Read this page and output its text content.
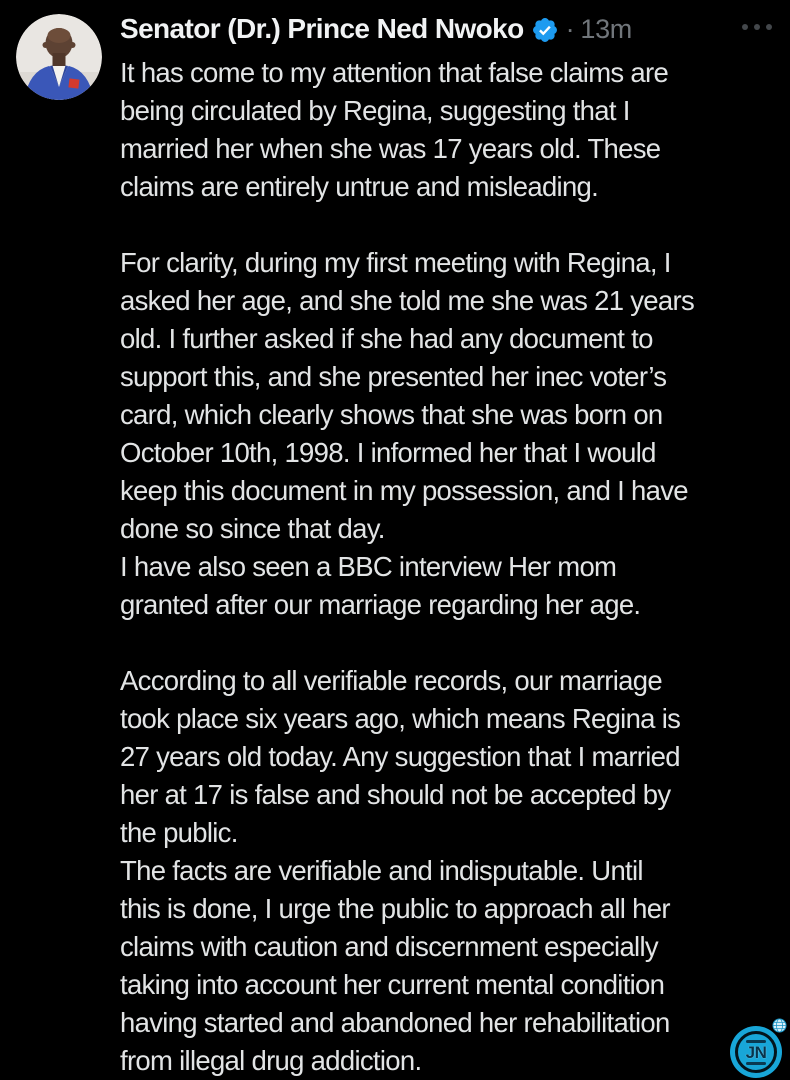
Senator (Dr.) Prince Ned Nwoko · 13m
It has come to my attention that false claims are
being circulated by Regina, suggesting that I
married her when she was 17 years old. These
claims are entirely untrue and misleading.

For clarity, during my first meeting with Regina, I
asked her age, and she told me she was 21 years
old. I further asked if she had any document to
support this, and she presented her inec voter’s
card, which clearly shows that she was born on
October 10th, 1998. I informed her that I would
keep this document in my possession, and I have
done so since that day.
I have also seen a BBC interview Her mom
granted after our marriage regarding her age.

According to all verifiable records, our marriage
took place six years ago, which means Regina is
27 years old today. Any suggestion that I married
her at 17 is false and should not be accepted by
the public.
The facts are verifiable and indisputable. Until
this is done, I urge the public to approach all her
claims with caution and discernment especially
taking into account her current mental condition
having started and abandoned her rehabilitation
from illegal drug addiction.	JN
